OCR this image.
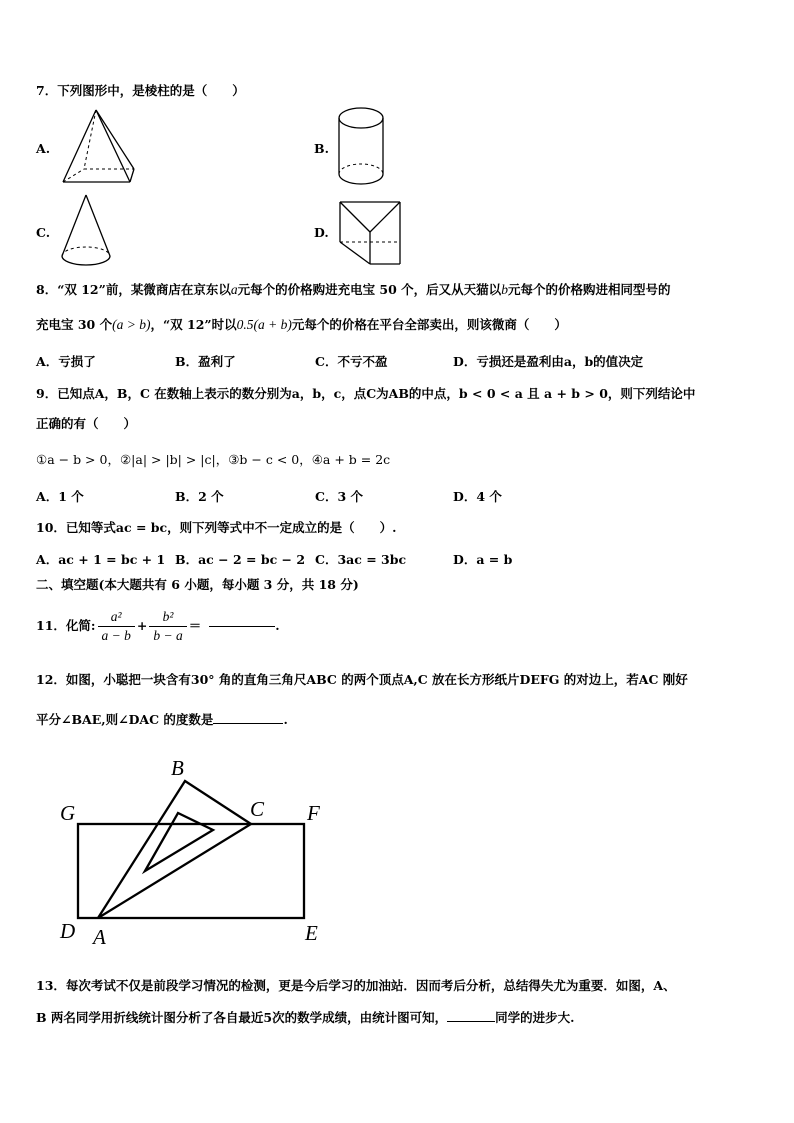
7．下列图形中，是棱柱的是（　　）
A.	B.
C.	D.
8．“双 12”前，某微商店在京东以a元每个的价格购进充电宝 50 个，后又从天猫以b元每个的价格购进相同型号的
充电宝 30 个(a > b)，“双 12”时以0.5(a + b)元每个的价格在平台全部卖出，则该微商（　　）
A．亏损了	B．盈利了	C．不亏不盈	D．亏损还是盈利由a，b的值决定
9．已知点A，B，C 在数轴上表示的数分别为a，b，c，点C为AB的中点，b < 0 < a 且 a + b > 0，则下列结论中
正确的有（　　）
①a − b > 0，②|a| > |b| > |c|，③b − c < 0，④a + b = 2c
A．1 个	B．2 个	C．3 个	D．4 个
10．已知等式ac = bc，则下列等式中不一定成立的是（　　）.
A．ac + 1 = bc + 1 B．ac − 2 = bc − 2 C．3ac = 3bc	D．a = b
二、填空题(本大题共有 6 小题，每小题 3 分，共 18 分)
11．化简: $\frac{\text{a²}}{a - b} + \frac{\text{b²}}{b - a}$ ＝	.
12．如图，小聪把一块含有30° 角的直角三角尺ABC 的两个顶点A,C 放在长方形纸片DEFG 的对边上，若AC 刚好
平分∠BAE,则∠DAC 的度数是	.
B
G	C F
D A	E
13．每次考试不仅是前段学习情况的检测，更是今后学习的加油站．因而考后分析，总结得失尤为重要．如图，A、
B 两名同学用折线统计图分析了各自最近5次的数学成绩，由统计图可知，	同学的进步大.
